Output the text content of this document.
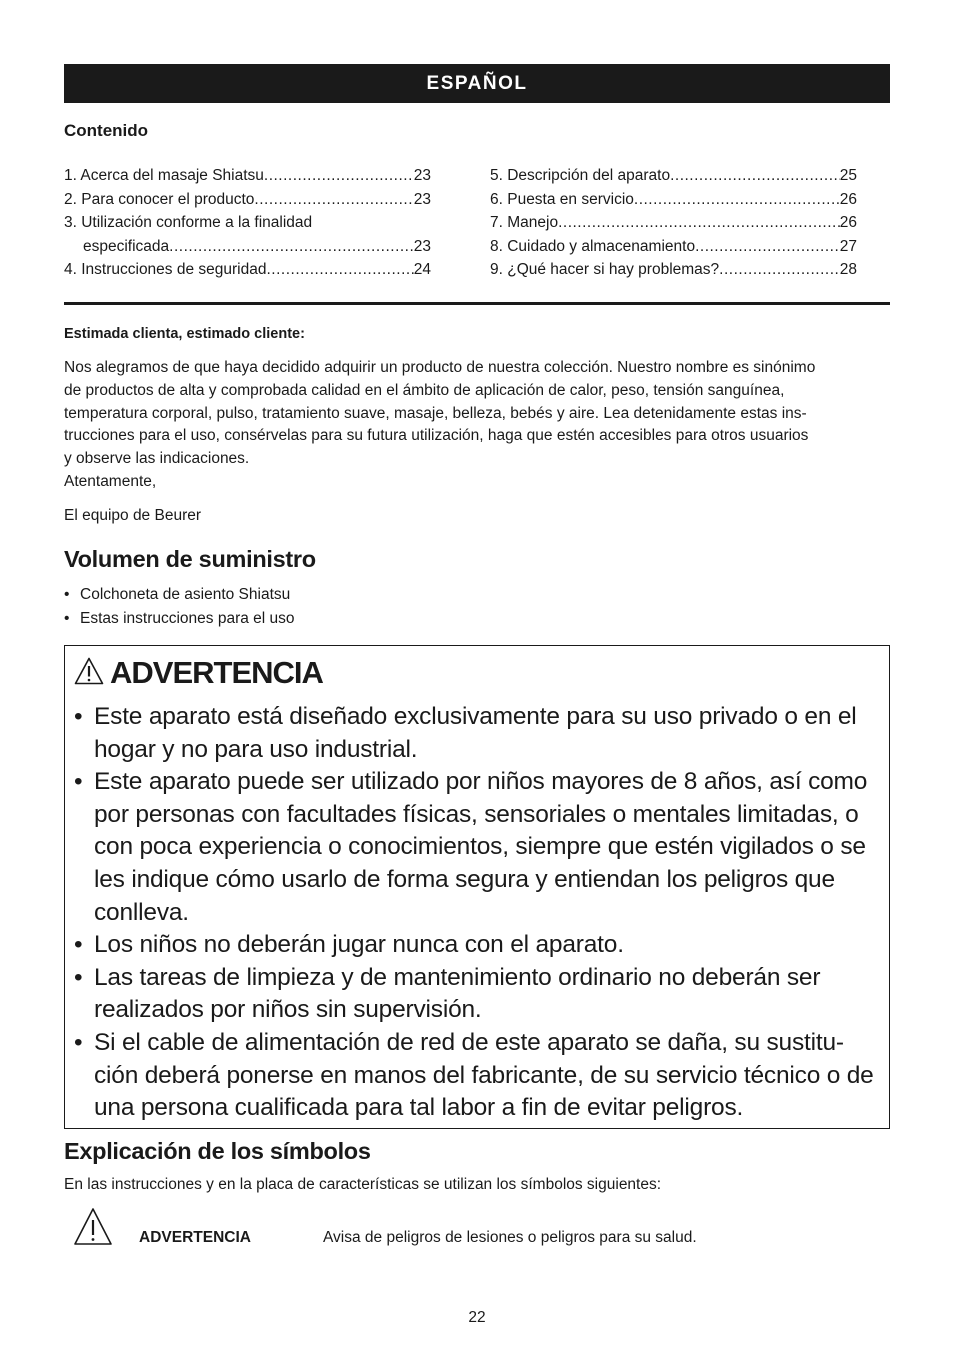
ESPAÑOL
Contenido
1. Acerca del masaje Shiatsu .....	23
2. Para conocer el producto .....	23
3. Utilización conforme a la finalidad
especificada .....	23
4. Instrucciones de seguridad .....	24
5. Descripción del aparato .....	25
6. Puesta en servicio .....	26
7. Manejo .....	26
8. Cuidado y almacenamiento .....	27
9. ¿Qué hacer si hay problemas? .....	28
Estimada clienta, estimado cliente:

Nos alegramos de que haya decidido adquirir un producto de nuestra colección. Nuestro nombre es sinónimo

de productos de alta y comprobada calidad en el ámbito de aplicación de calor, peso, tensión sanguínea,

temperatura corporal, pulso, tratamiento suave, masaje, belleza, bebés y aire. Lea detenidamente estas ins-

trucciones para el uso, consérvelas para su futura utilización, haga que estén accesibles para otros usuarios

y observe las indicaciones.

Atentamente,

El equipo de Beurer
Volumen de suministro
• Colchoneta de asiento Shiatsu
• Estas instrucciones para el uso
ADVERTENCIA
• Este aparato está diseñado exclusivamente para su uso privado o en el hogar y no para uso industrial.
• Este aparato puede ser utilizado por niños mayores de 8 años, así como por personas con facultades físicas, sensoriales o mentales limitadas, o con poca experiencia o conocimientos, siempre que estén vigilados o se les indique cómo usarlo de forma segura y entiendan los peligros que conlleva.
• Los niños no deberán jugar nunca con el aparato.
• Las tareas de limpieza y de mantenimiento ordinario no deberán ser realizados por niños sin supervisión.
• Si el cable de alimentación de red de este aparato se daña, su sustitu-ción deberá ponerse en manos del fabricante, de su servicio técnico o de una persona cualificada para tal labor a fin de evitar peligros.
Explicación de los símbolos
En las instrucciones y en la placa de características se utilizan los símbolos siguientes:
ADVERTENCIA	Avisa de peligros de lesiones o peligros para su salud.
22
